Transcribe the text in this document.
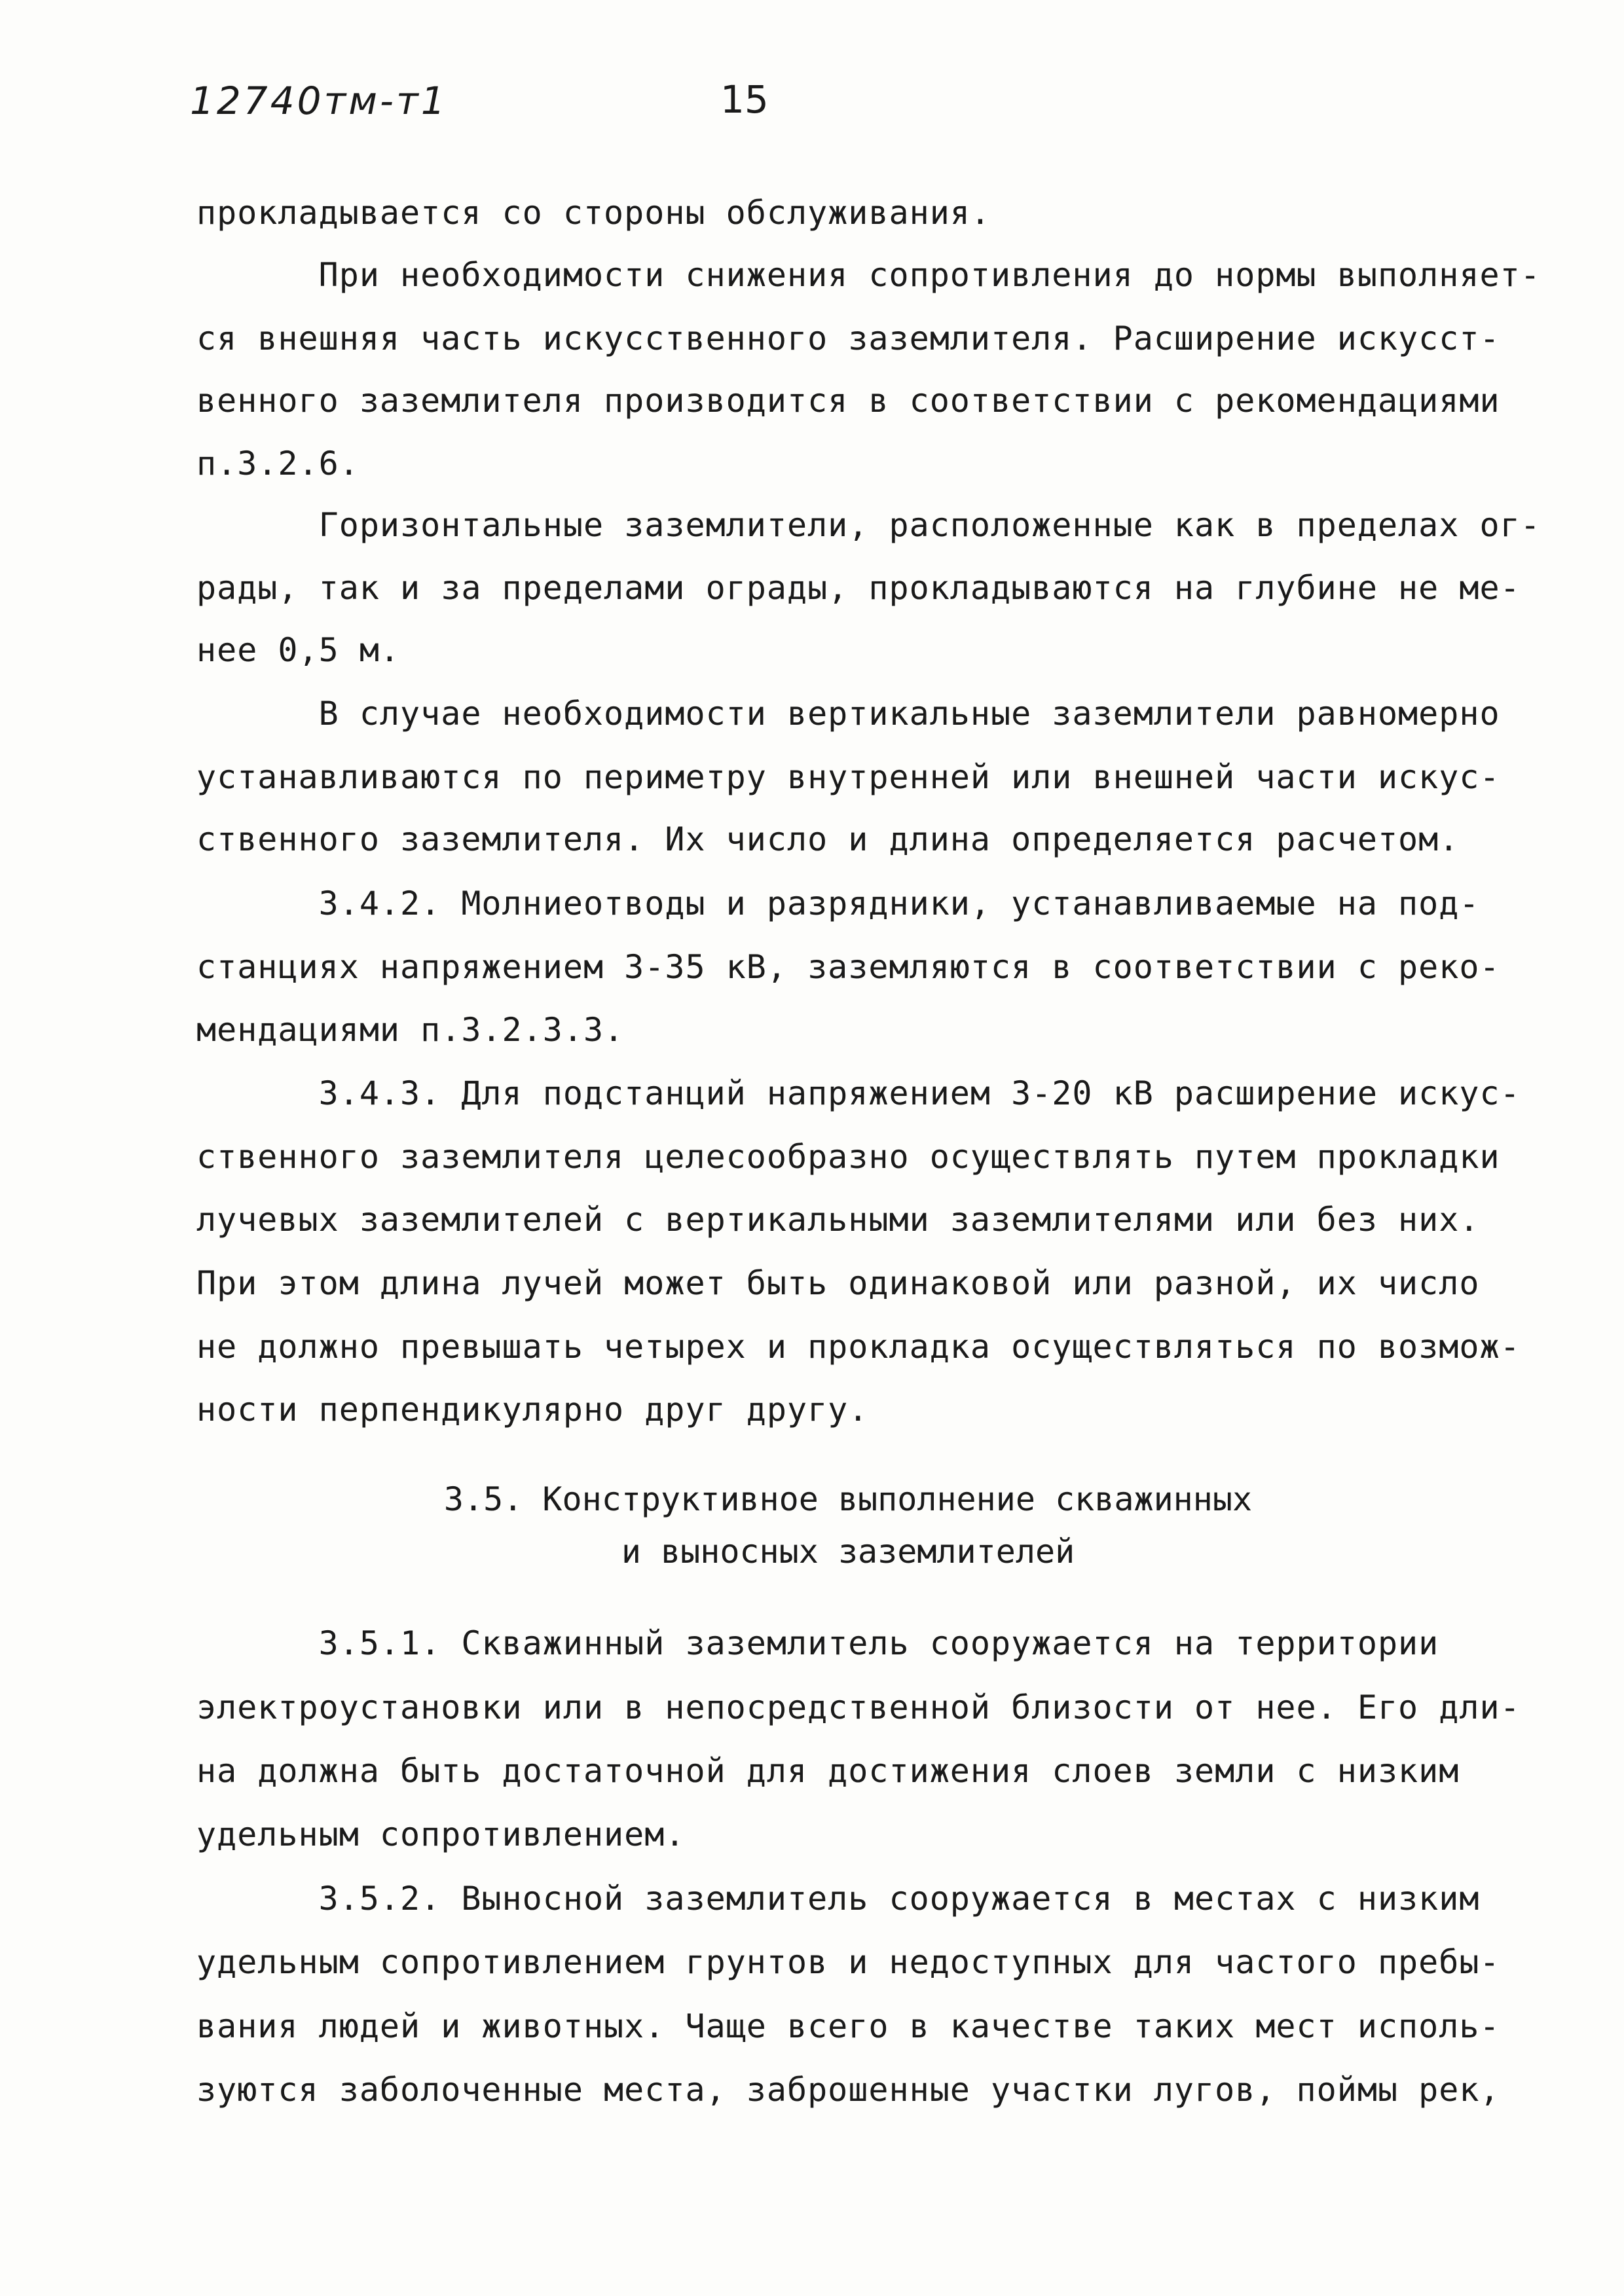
12740тм-т1	15
прокладывается со стороны обслуживания.
При необходимости снижения сопротивления до нормы выполняет-
ся внешняя часть искусственного заземлителя. Расширение искусст-
венного заземлителя производится в соответствии с рекомендациями
п.3.2.6.
Горизонтальные заземлители, расположенные как в пределах ог-
рады, так и за пределами ограды, прокладываются на глубине не ме-
нее 0,5 м.
В случае необходимости вертикальные заземлители равномерно
устанавливаются по периметру внутренней или внешней части искус-
ственного заземлителя. Их число и длина определяется расчетом.
3.4.2. Молниеотводы и разрядники, устанавливаемые на под-
станциях напряжением 3-35 кВ, заземляются в соответствии с реко-
мендациями п.3.2.3.3.
3.4.3. Для подстанций напряжением 3-20 кВ расширение искус-
ственного заземлителя целесообразно осуществлять путем прокладки
лучевых заземлителей с вертикальными заземлителями или без них.
При этом длина лучей может быть одинаковой или разной, их число
не должно превышать четырех и прокладка осуществляться по возмож-
ности перпендикулярно друг другу.
3.5. Конструктивное выполнение скважинных
и выносных заземлителей
3.5.1. Скважинный заземлитель сооружается на территории
электроустановки или в непосредственной близости от нее. Его дли-
на должна быть достаточной для достижения слоев земли с низким
удельным сопротивлением.
3.5.2. Выносной заземлитель сооружается в местах с низким
удельным сопротивлением грунтов и недоступных для частого пребы-
вания людей и животных. Чаще всего в качестве таких мест исполь-
зуются заболоченные места, заброшенные участки лугов, поймы рек,
